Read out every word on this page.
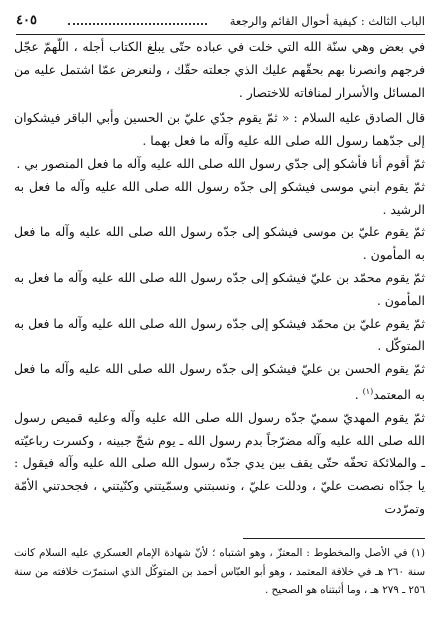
الباب الثالث : كيفية أحوال القائم والرجعة
٤٠٥

في بعض وهي سنّة الله التي خلت في عباده حتّى يبلغ الكتاب أجله ، اللّهمّ عجّل فرجهم وانصرنا بهم بحقّهم عليك الذي جعلته حقّك ، ولنعرض عمّا اشتمل عليه من المسائل والأسرار لمنافاته للاختصار .

قال الصادق عليه السلام : « ثمّ يقوم جدّي عليّ بن الحسين وأبي الباقر فيشكوان إلى جدّهما رسول الله صلى الله عليه وآله ما فعل بهما .

ثمّ أقوم أنا فأشكو إلى جدّي رسول الله صلى الله عليه وآله ما فعل المنصور بي .

ثمّ يقوم ابني موسى فيشكو إلى جدّه رسول الله صلى الله عليه وآله ما فعل به الرشيد .

ثمّ يقوم عليّ بن موسى فيشكو إلى جدّه رسول الله صلى الله عليه وآله ما فعل به المأمون .

ثمّ يقوم محمّد بن عليّ فيشكو إلى جدّه رسول الله صلى الله عليه وآله ما فعل به المأمون .

ثمّ يقوم عليّ بن محمّد فيشكو إلى جدّه رسول الله صلى الله عليه وآله ما فعل به المتوكّل .

ثمّ يقوم الحسن بن عليّ فيشكو إلى جدّه رسول الله صلى الله عليه وآله ما فعل به المعتمد$^{(١)}$ .

ثمّ يقوم المهديّ سميّ جدّه رسول الله صلى الله عليه وآله وعليه قميص رسول الله صلى الله عليه وآله مضرّجاً بدم رسول الله ـ يوم شجّ جبينه ، وكسرت رباعيّته ـ والملائكة تحفّه حتّى يقف بين يدي جدّه رسول الله صلى الله عليه وآله فيقول : يا جدّاه نصصت عليّ ، ودللت عليّ ، ونسبتني وسمّيتني وكنّيتني ، فجحدتني الأمّة وتمرّدت

(١) في الأصل والمخطوط : المعتزّ ، وهو اشتباه ؛ لأنّ شهادة الإمام العسكري عليه السلام كانت سنة ٢٦٠ هـ في خلافة المعتمد ، وهو أبو العبّاس أحمد بن المتوكّل الذي استمرّت خلافته من سنة ٢٥٦ ـ ٢٧٩ هـ ، وما أثبتناه هو الصحيح .
